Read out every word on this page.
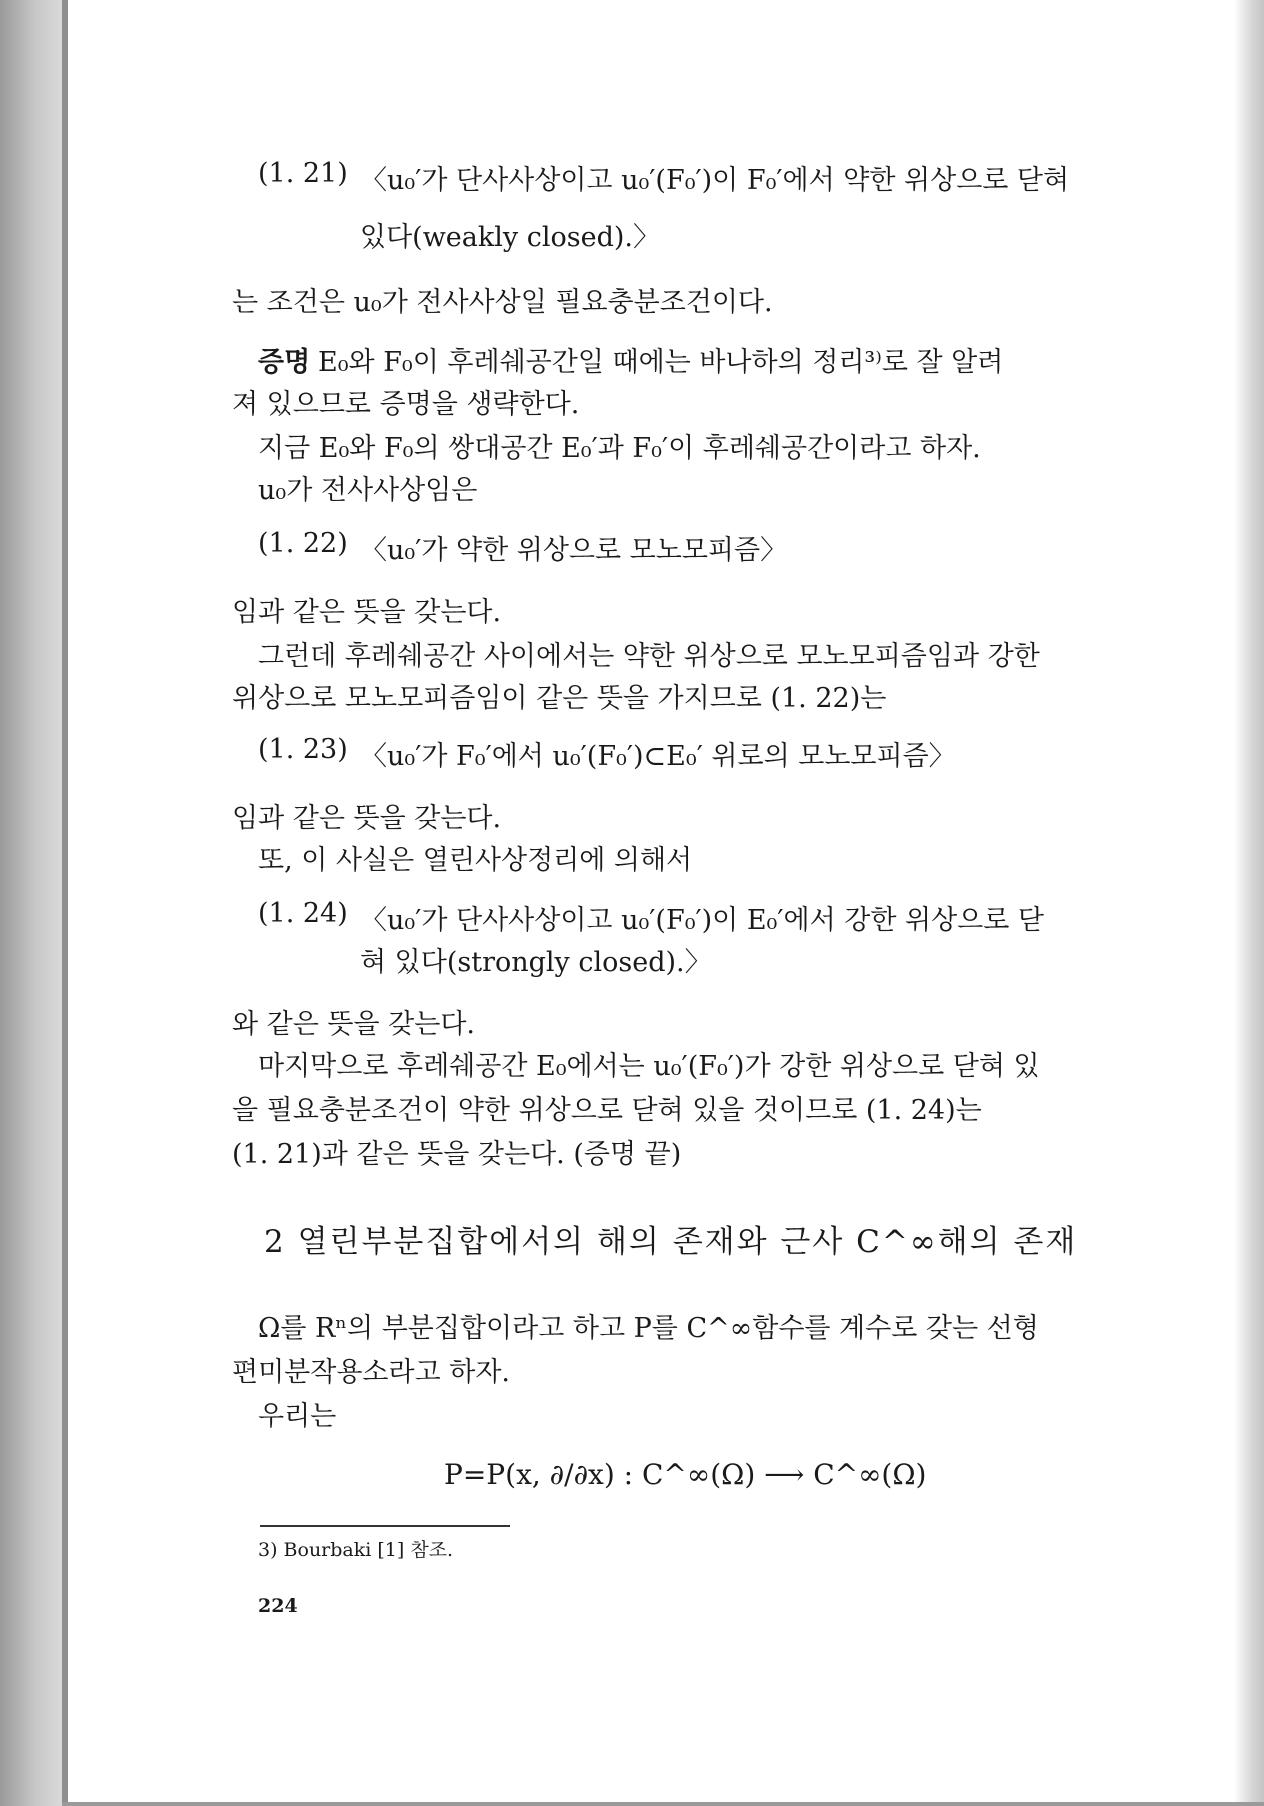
(1. 21) 〈u₀′가 단사사상이고 u₀′(F₀′)이 F₀′에서 약한 위상으로 닫혀
있다(weakly closed).〉
는 조건은 u₀가 전사사상일 필요충분조건이다.
증명 E₀와 F₀이 후레쉐공간일 때에는 바나하의 정리³⁾로 잘 알려
져 있으므로 증명을 생략한다.
지금 E₀와 F₀의 쌍대공간 E₀′과 F₀′이 후레쉐공간이라고 하자.
u₀가 전사사상임은
(1. 22) 〈u₀′가 약한 위상으로 모노모피즘〉
임과 같은 뜻을 갖는다.
그런데 후레쉐공간 사이에서는 약한 위상으로 모노모피즘임과 강한
위상으로 모노모피즘임이 같은 뜻을 가지므로 (1. 22)는
(1. 23) 〈u₀′가 F₀′에서 u₀′(F₀′)⊂E₀′ 위로의 모노모피즘〉
임과 같은 뜻을 갖는다.
또, 이 사실은 열린사상정리에 의해서
(1. 24) 〈u₀′가 단사사상이고 u₀′(F₀′)이 E₀′에서 강한 위상으로 닫
혀 있다(strongly closed).〉
와 같은 뜻을 갖는다.
마지막으로 후레쉐공간 E₀에서는 u₀′(F₀′)가 강한 위상으로 닫혀 있
을 필요충분조건이 약한 위상으로 닫혀 있을 것이므로 (1. 24)는
(1. 21)과 같은 뜻을 갖는다. (증명 끝)
2 열린부분집합에서의 해의 존재와 근사 C^∞해의 존재
Ω를 Rⁿ의 부분집합이라고 하고 P를 C^∞함수를 계수로 갖는 선형
편미분작용소라고 하자.
우리는
P=P(x, ∂/∂x) : C^∞(Ω) ⟶ C^∞(Ω)
3) Bourbaki [1] 참조.
224
